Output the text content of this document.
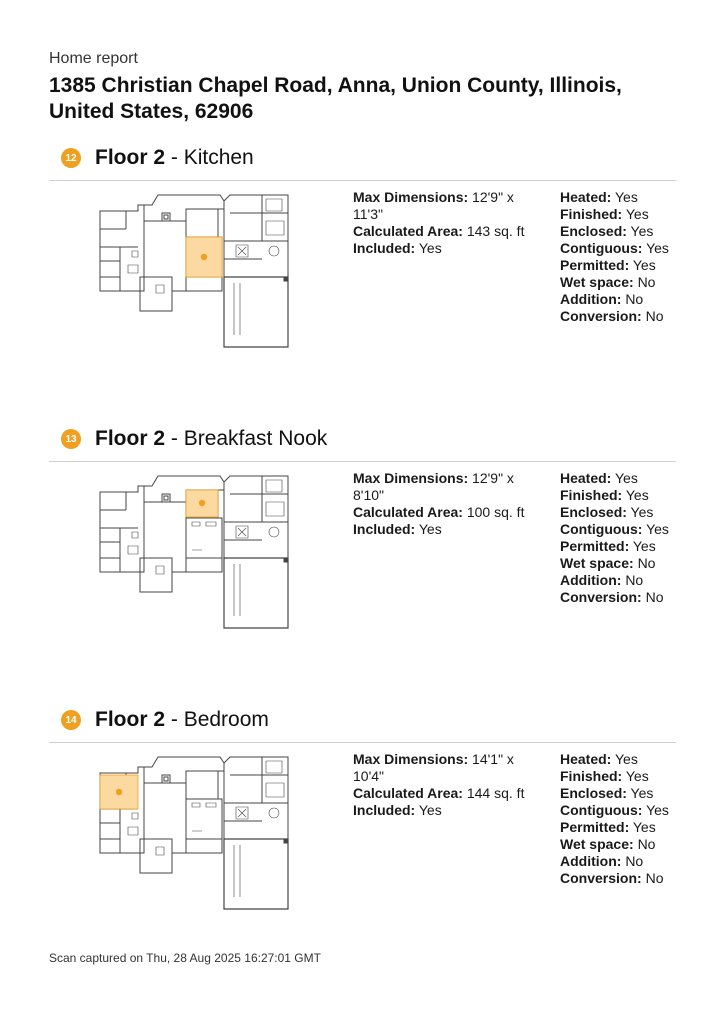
Home report
1385 Christian Chapel Road, Anna, Union County, Illinois, United States, 62906
12 Floor 2 - Kitchen
Max Dimensions: 12'9" x 11'3"
Calculated Area: 143 sq. ft
Included: Yes
Heated: Yes
Finished: Yes
Enclosed: Yes
Contiguous: Yes
Permitted: Yes
Wet space: No
Addition: No
Conversion: No
13 Floor 2 - Breakfast Nook
Max Dimensions: 12'9" x 8'10"
Calculated Area: 100 sq. ft
Included: Yes
Heated: Yes
Finished: Yes
Enclosed: Yes
Contiguous: Yes
Permitted: Yes
Wet space: No
Addition: No
Conversion: No
14 Floor 2 - Bedroom
Max Dimensions: 14'1" x 10'4"
Calculated Area: 144 sq. ft
Included: Yes
Heated: Yes
Finished: Yes
Enclosed: Yes
Contiguous: Yes
Permitted: Yes
Wet space: No
Addition: No
Conversion: No
Scan captured on Thu, 28 Aug 2025 16:27:01 GMT
